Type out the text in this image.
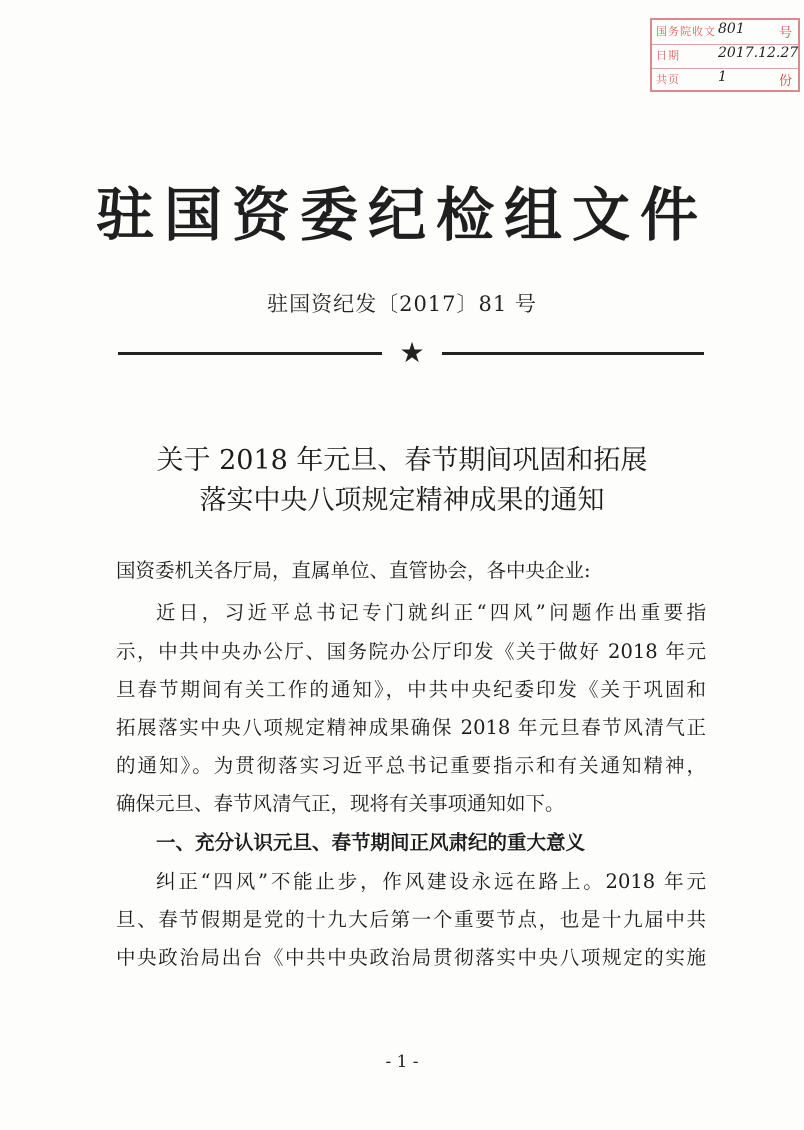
国务院收文 801	号
日期	2017.12.27
共页	1	份
驻国资委纪检组文件
驻国资纪发〔2017〕81 号
★
关于 2018 年元旦、春节期间巩固和拓展
落实中央八项规定精神成果的通知
国资委机关各厅局，直属单位、直管协会，各中央企业:
近日，习近平总书记专门就纠正“四风”问题作出重要指
示，中共中央办公厅、国务院办公厅印发《关于做好 2018 年元
旦春节期间有关工作的通知》，中共中央纪委印发《关于巩固和
拓展落实中央八项规定精神成果确保 2018 年元旦春节风清气正
的通知》。为贯彻落实习近平总书记重要指示和有关通知精神，
确保元旦、春节风清气正，现将有关事项通知如下。
一、充分认识元旦、春节期间正风肃纪的重大意义
纠正“四风”不能止步，作风建设永远在路上。2018 年元
旦、春节假期是党的十九大后第一个重要节点，也是十九届中共
中央政治局出台《中共中央政治局贯彻落实中央八项规定的实施
- 1 -
